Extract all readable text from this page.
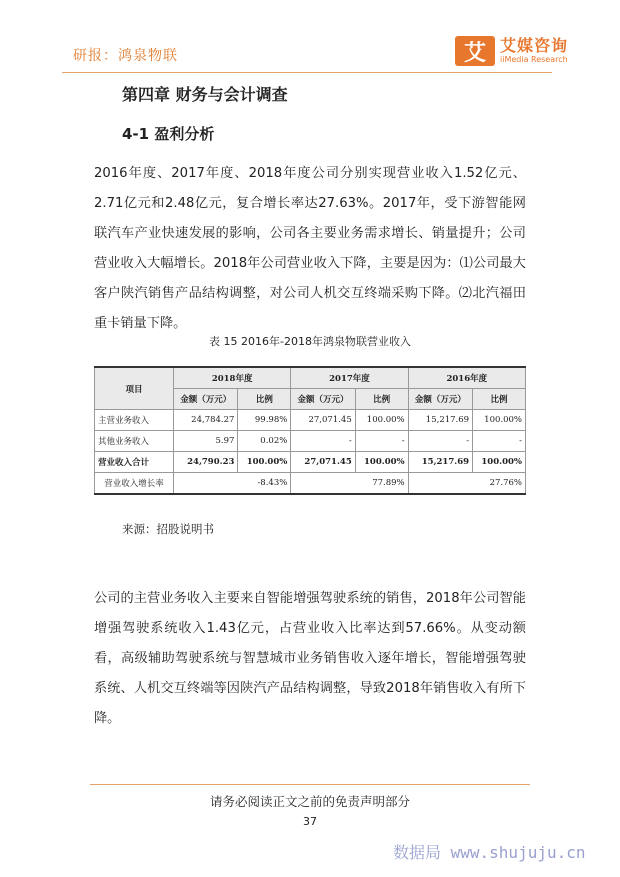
研报：鸿泉物联	艾 艾媒咨询
iiMedia Research
第四章 财务与会计调查
4-1 盈利分析
2016年度、2017年度、2018年度公司分别实现营业收入1.52亿元、2.71亿元和2.48亿元，复合增长率达27.63%。2017年，受下游智能网联汽车产业快速发展的影响，公司各主要业务需求增长、销量提升；公司营业收入大幅增长。2018年公司营业收入下降，主要是因为：⑴公司最大客户陕汽销售产品结构调整，对公司人机交互终端采购下降。⑵北汽福田重卡销量下降。
表 15 2016年-2018年鸿泉物联营业收入
项目	2018年度		2017年度		2016年度	
	金额（万元）	比例	金额（万元）	比例	金额（万元）	比例
主营业务收入	24,784.27	99.98%	27,071.45	100.00%	15,217.69	100.00%
其他业务收入	5.97	0.02%	-	-	-	-
营业收入合计	24,790.23	100.00%	27,071.45	100.00%	15,217.69	100.00%
营业收入增长率	-8.43%		77.89%		27.76%	
来源：招股说明书
公司的主营业务收入主要来自智能增强驾驶系统的销售，2018年公司智能增强驾驶系统收入1.43亿元，占营业收入比率达到57.66%。从变动额看，高级辅助驾驶系统与智慧城市业务销售收入逐年增长，智能增强驾驶系统、人机交互终端等因陕汽产品结构调整，导致2018年销售收入有所下降。
请务必阅读正文之前的免责声明部分
37
数据局 www.shujuju.cn
